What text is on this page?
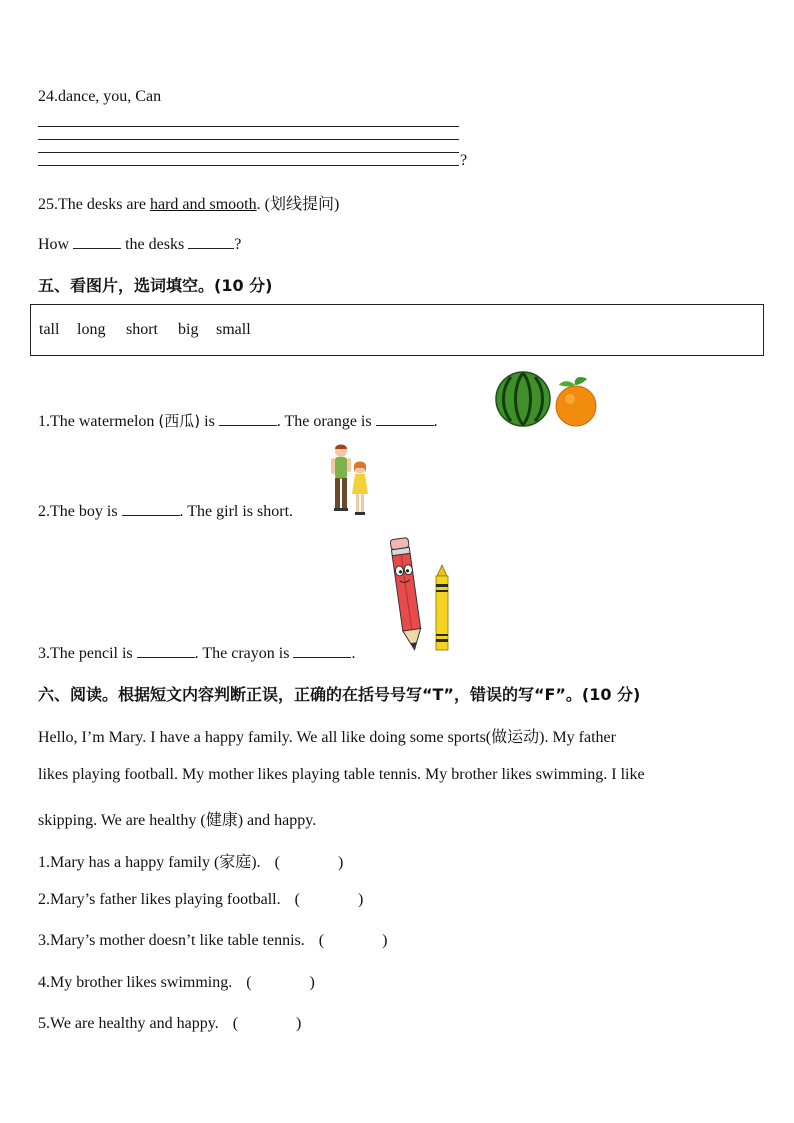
24.dance, you, Can
?
25.The desks are hard and smooth. (划线提问)
How	the desks	?
五、看图片，选词填空。(10 分)
tall long short big small
1.The watermelon (西瓜) is	. The orange is	.
2.The boy is	. The girl is short.
3.The pencil is	. The crayon is	.
六、阅读。根据短文内容判断正误，正确的在括号号写“T”，错误的写“F”。(10 分)
Hello, I’m Mary. I have a happy family. We all like doing some sports(做运动). My father
likes playing football. My mother likes playing table tennis. My brother likes swimming. I like
skipping. We are healthy (健康) and happy.
1.Mary has a happy family (家庭). (	)
2.Mary’s father likes playing football. (	)
3.Mary’s mother doesn’t like table tennis. (	)
4.My brother likes swimming. (	)
5.We are healthy and happy. (	)
